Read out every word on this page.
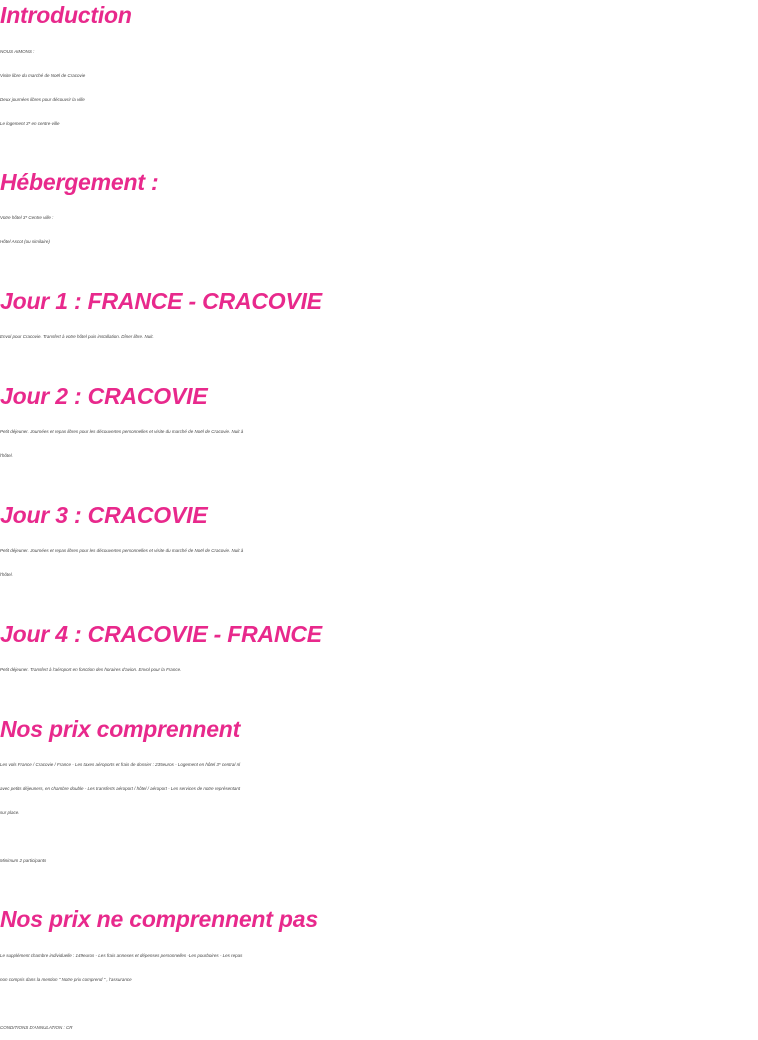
Introduction

NOUS AIMONS :

Visite libre du marché de Noël de Cracovie

Deux journées libres pour découvrir la ville

Le logement 3* en centre-ville

Hébergement :

Votre hôtel 3* Centre ville :

Hôtel Ascot (ou similaire)

Jour 1 : FRANCE - CRACOVIE

Envol pour Cracovie. Transfert à votre hôtel puis installation. Dîner libre. Nuit.

Jour 2 : CRACOVIE

Petit déjeuner. Journées et repas libres pour les découvertes personnelles et visite du marché de Noël de Cracovie. Nuit à

l'hôtel.

Jour 3 : CRACOVIE

Petit déjeuner. Journées et repas libres pour les découvertes personnelles et visite du marché de Noël de Cracovie. Nuit à

l'hôtel.

Jour 4 : CRACOVIE - FRANCE

Petit déjeuner. Transfert à l'aéroport en fonction des horaires d'avion. Envol pour la France.

Nos prix comprennent

Les vols France / Cracovie / France - Les taxes aéroports et frais de dossier : 235euros - Logement en hôtel 3* central nl

avec petits déjeuners, en chambre double - Les transferts aéroport / hôtel / aéroport - Les services de notre représentant

sur place.

Minimum 2 participants

Nos prix ne comprennent pas

Le supplément chambre individuelle : 149euros - Les frais annexes et dépenses personnelles -Les pourboires - Les repas

non compris dans la mention " Notre prix comprend " , l'assurance

CONDITIONS D'ANNULATION : CR
